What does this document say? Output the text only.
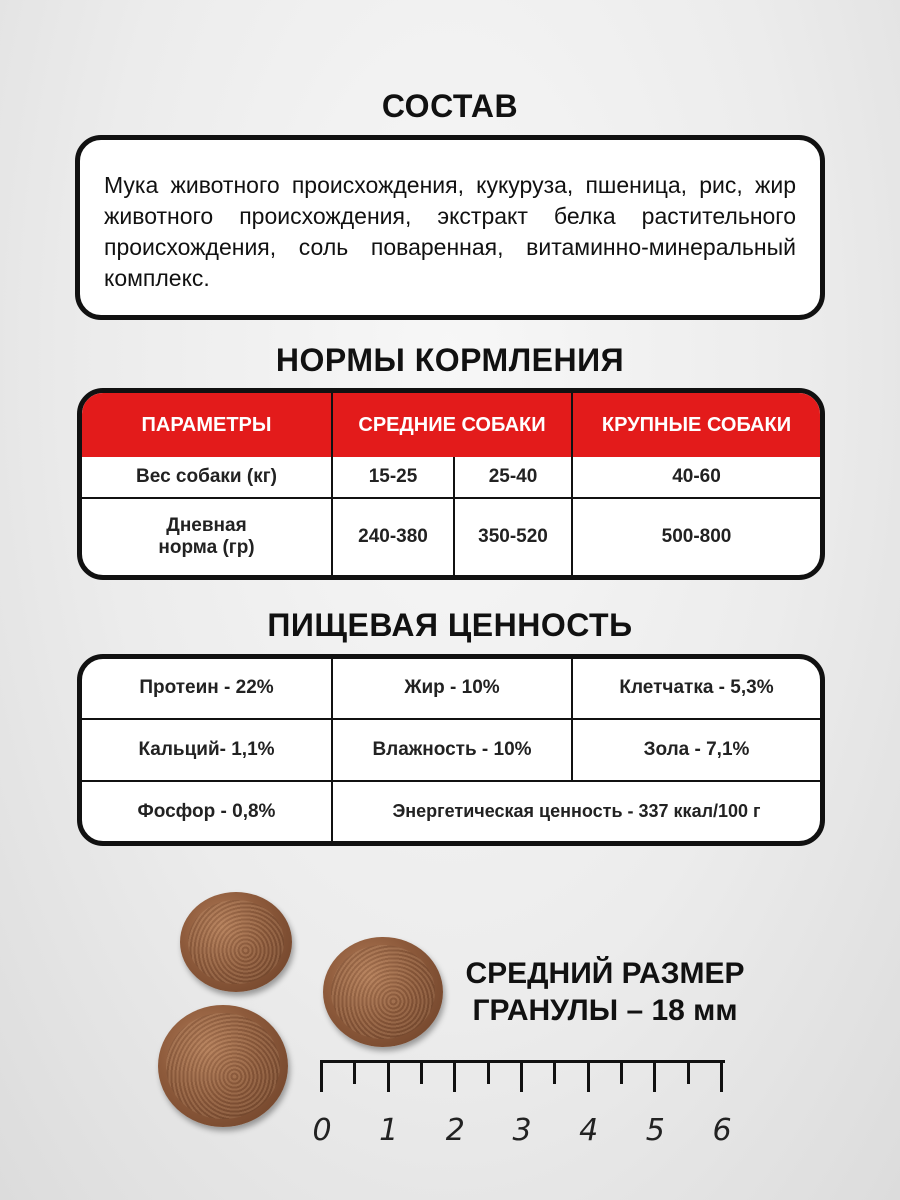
СОСТАВ
Мука животного происхождения, кукуруза, пшеница, рис, жир животного происхождения, экстракт белка растительного происхождения, соль поваренная, витаминно-минеральный комплекс.
НОРМЫ КОРМЛЕНИЯ
ПАРАМЕТРЫ	СРЕДНИЕ СОБАКИ		КРУПНЫЕ СОБАКИ
Вес собаки (кг)	15-25	25-40	40-60
Дневная
норма (гр)	240-380	350-520	500-800
ПИЩЕВАЯ ЦЕННОСТЬ
Протеин - 22%	Жир - 10%	Клетчатка - 5,3%
Кальций- 1,1%	Влажность - 10%	Зола - 7,1%
Фосфор - 0,8%	Энергетическая ценность - 337 ккал/100 г	
СРЕДНИЙ РАЗМЕР
ГРАНУЛЫ – 18 мм
0 1 2 3 4 5 6
